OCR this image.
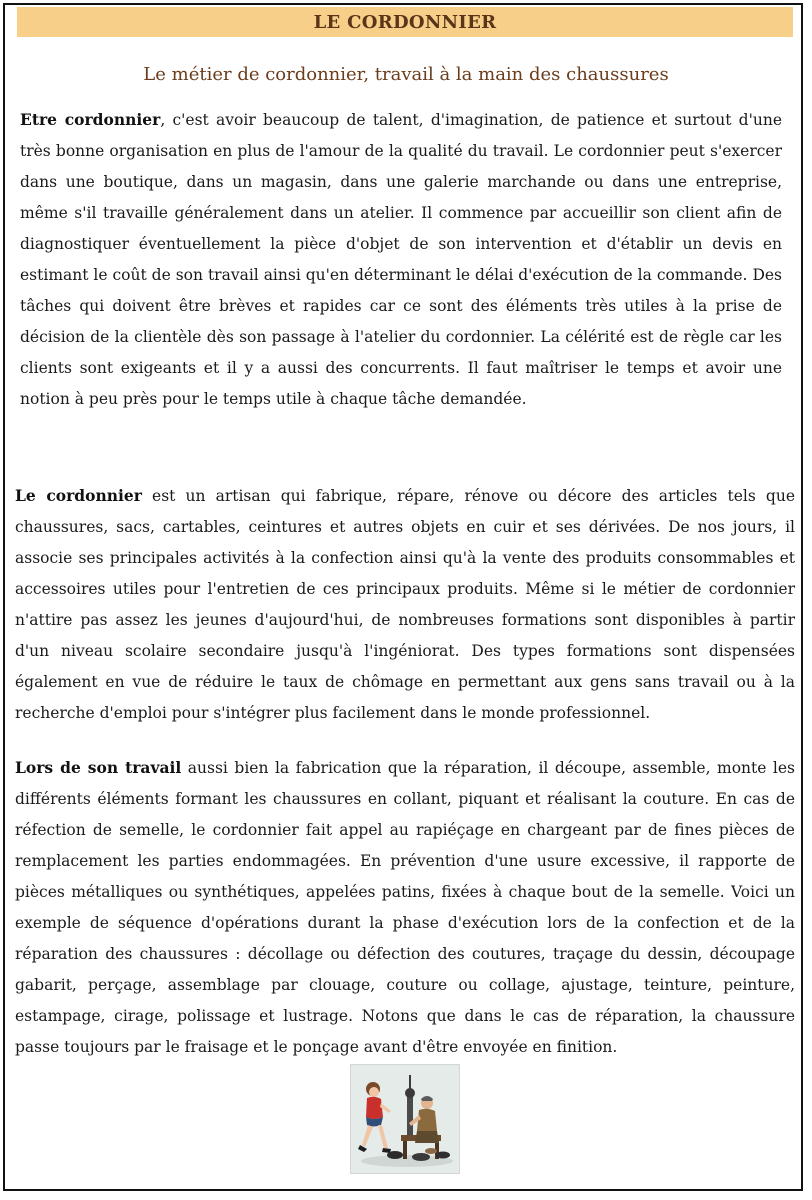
LE CORDONNIER
Le métier de cordonnier, travail à la main des chaussures

Etre cordonnier, c'est avoir beaucoup de talent, d'imagination, de patience et surtout d'une très bonne organisation en plus de l'amour de la qualité du travail. Le cordonnier peut s'exercer dans une boutique, dans un magasin, dans une galerie marchande ou dans une entreprise, même s'il travaille généralement dans un atelier. Il commence par accueillir son client afin de diagnostiquer éventuellement la pièce d'objet de son intervention et d'établir un devis en estimant le coût de son travail ainsi qu'en déterminant le délai d'exécution de la commande. Des tâches qui doivent être brèves et rapides car ce sont des éléments très utiles à la prise de décision de la clientèle dès son passage à l'atelier du cordonnier. La célérité est de règle car les clients sont exigeants et il y a aussi des concurrents. Il faut maîtriser le temps et avoir une notion à peu près pour le temps utile à chaque tâche demandée.

Le cordonnier est un artisan qui fabrique, répare, rénove ou décore des articles tels que chaussures, sacs, cartables, ceintures et autres objets en cuir et ses dérivées. De nos jours, il associe ses principales activités à la confection ainsi qu'à la vente des produits consommables et accessoires utiles pour l'entretien de ces principaux produits. Même si le métier de cordonnier n'attire pas assez les jeunes d'aujourd'hui, de nombreuses formations sont disponibles à partir d'un niveau scolaire secondaire jusqu'à l'ingéniorat. Des types formations sont dispensées également en vue de réduire le taux de chômage en permettant aux gens sans travail ou à la recherche d'emploi pour s'intégrer plus facilement dans le monde professionnel.

Lors de son travail aussi bien la fabrication que la réparation, il découpe, assemble, monte les différents éléments formant les chaussures en collant, piquant et réalisant la couture. En cas de réfection de semelle, le cordonnier fait appel au rapiéçage en chargeant par de fines pièces de remplacement les parties endommagées. En prévention d'une usure excessive, il rapporte de pièces métalliques ou synthétiques, appelées patins, fixées à chaque bout de la semelle. Voici un exemple de séquence d'opérations durant la phase d'exécution lors de la confection et de la réparation des chaussures : décollage ou défection des coutures, traçage du dessin, découpage gabarit, perçage, assemblage par clouage, couture ou collage, ajustage, teinture, peinture, estampage, cirage, polissage et lustrage. Notons que dans le cas de réparation, la chaussure passe toujours par le fraisage et le ponçage avant d'être envoyée en finition.
